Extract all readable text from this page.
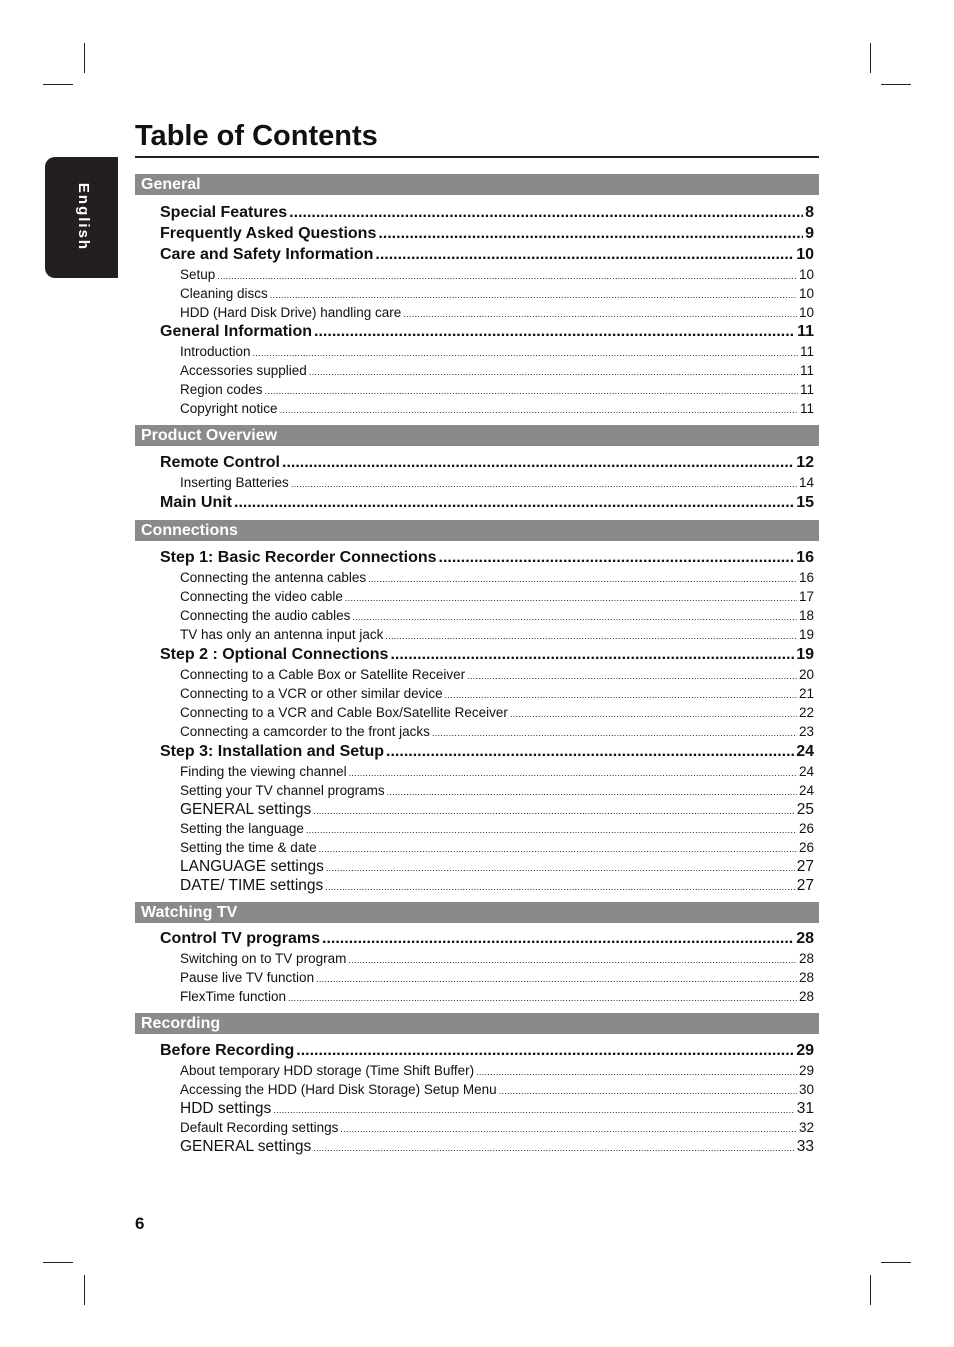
English
Table of Contents
General
Special Features .....	8
Frequently Asked Questions .....	9
Care and Safety Information .....	10
Setup .....	10
Cleaning discs .....	10
HDD (Hard Disk Drive) handling care .....	10
General Information .....	11
Introduction .....	11
Accessories supplied .....	11
Region codes .....	11
Copyright notice .....	11
Product Overview
Remote Control .....	12
Inserting Batteries .....	14
Main Unit .....	15
Connections
Step 1: Basic Recorder Connections .....	16
Connecting the antenna cables .....	16
Connecting the video cable .....	17
Connecting the audio cables .....	18
TV has only an antenna input jack .....	19
Step 2 : Optional Connections .....	19
Connecting to a Cable Box or Satellite Receiver .....	20
Connecting to a VCR or other similar device .....	21
Connecting to a VCR and Cable Box/Satellite Receiver .....	22
Connecting a camcorder to the front jacks .....	23
Step 3: Installation and Setup .....	24
Finding the viewing channel .....	24
Setting your TV channel programs .....	24
GENERAL settings .....	25
Setting the language .....	26
Setting the time & date .....	26
LANGUAGE settings .....	27
DATE/ TIME settings .....	27
Watching TV
Control TV programs .....	28
Switching on to TV program .....	28
Pause live TV function .....	28
FlexTime function .....	28
Recording
Before Recording .....	29
About temporary HDD storage (Time Shift Buffer) .....	29
Accessing the HDD (Hard Disk Storage) Setup Menu .....	30
HDD settings .....	31
Default Recording settings .....	32
GENERAL settings .....	33
6
